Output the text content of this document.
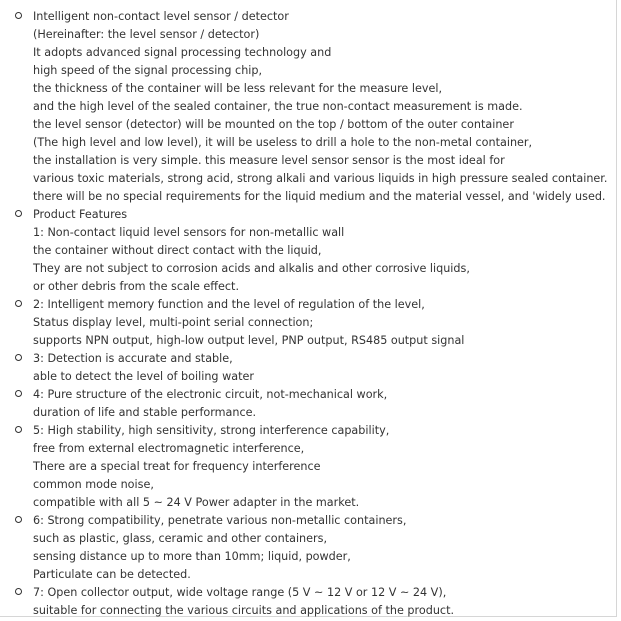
Intelligent non-contact level sensor / detector
(Hereinafter: the level sensor / detector)
It adopts advanced signal processing technology and
high speed of the signal processing chip,
the thickness of the container will be less relevant for the measure level,
and the high level of the sealed container, the true non-contact measurement is made.
the level sensor (detector) will be mounted on the top / bottom of the outer container
(The high level and low level), it will be useless to drill a hole to the non-metal container,
the installation is very simple. this measure level sensor sensor is the most ideal for
various toxic materials, strong acid, strong alkali and various liquids in high pressure sealed container.
there will be no special requirements for the liquid medium and the material vessel, and 'widely used.
Product Features
1: Non-contact liquid level sensors for non-metallic wall
the container without direct contact with the liquid,
They are not subject to corrosion acids and alkalis and other corrosive liquids,
or other debris from the scale effect.
2: Intelligent memory function and the level of regulation of the level,
Status display level, multi-point serial connection;
supports NPN output, high-low output level, PNP output, RS485 output signal
3: Detection is accurate and stable,
able to detect the level of boiling water
4: Pure structure of the electronic circuit, not-mechanical work,
duration of life and stable performance.
5: High stability, high sensitivity, strong interference capability,
free from external electromagnetic interference,
There are a special treat for frequency interference
common mode noise,
compatible with all 5 ~ 24 V Power adapter in the market.
6: Strong compatibility, penetrate various non-metallic containers,
such as plastic, glass, ceramic and other containers,
sensing distance up to more than 10mm; liquid, powder,
Particulate can be detected.
7: Open collector output, wide voltage range (5 V ~ 12 V or 12 V ~ 24 V),
suitable for connecting the various circuits and applications of the product.
